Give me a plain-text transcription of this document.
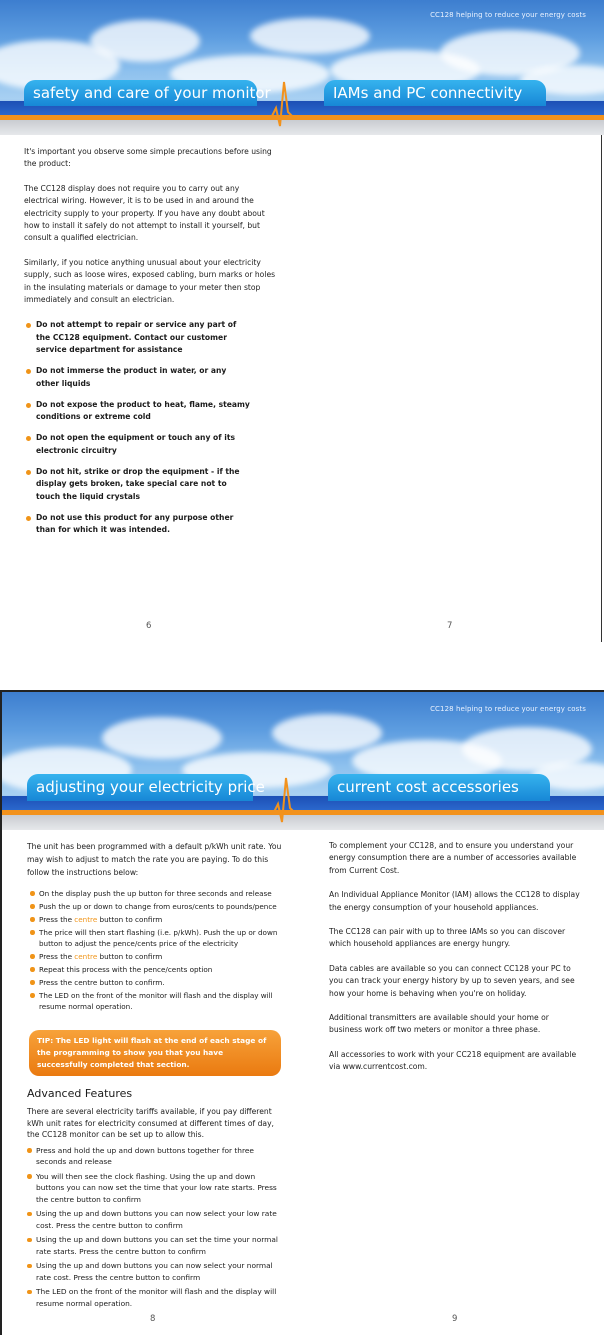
CC128 helping to reduce your energy costs
safety and care of your monitor	IAMs and PC connectivity

It's important you observe some simple precautions before using the product:

The CC128 display does not require you to carry out any electrical wiring. However, it is to be used in and around the electricity supply to your property. If you have any doubt about how to install it safely do not attempt to install it yourself, but consult a qualified electrician.

Similarly, if you notice anything unusual about your electricity supply, such as loose wires, exposed cabling, burn marks or holes in the insulating materials or damage to your meter then stop immediately and consult an electrician.

Do not attempt to repair or service any part of the CC128 equipment. Contact our customer service department for assistance
Do not immerse the product in water, or any other liquids
Do not expose the product to heat, flame, steamy conditions or extreme cold
Do not open the equipment or touch any of its electronic circuitry
Do not hit, strike or drop the equipment - if the display gets broken, take special care not to touch the liquid crystals
Do not use this product for any purpose other than for which it was intended.
6	7
CC128 helping to reduce your energy costs
adjusting your electricity price	current cost accessories

The unit has been programmed with a default p/kWh unit rate. You may wish to adjust to match the rate you are paying. To do this follow the instructions below:

On the display push the up button for three seconds and release
Push the up or down to change from euros/cents to pounds/pence
Press the centre button to confirm
The price will then start flashing (i.e. p/kWh). Push the up or down button to adjust the pence/cents price of the electricity
Press the centre button to confirm
Repeat this process with the pence/cents option
Press the centre button to confirm.
The LED on the front of the monitor will flash and the display will resume normal operation.
TIP: The LED light will flash at the end of each stage of the programming to show you that you have successfully completed that section.
Advanced Features

There are several electricity tariffs available, if you pay different kWh unit rates for electricity consumed at different times of day, the CC128 monitor can be set up to allow this.

Press and hold the up and down buttons together for three seconds and release
You will then see the clock flashing. Using the up and down buttons you can now set the time that your low rate starts. Press the centre button to confirm
Using the up and down buttons you can now select your low rate cost. Press the centre button to confirm
Using the up and down buttons you can set the time your normal rate starts. Press the centre button to confirm
Using the up and down buttons you can now select your normal rate cost. Press the centre button to confirm
The LED on the front of the monitor will flash and the display will resume normal operation.

To complement your CC128, and to ensure you understand your energy consumption there are a number of accessories available from Current Cost.

An Individual Appliance Monitor (IAM) allows the CC128 to display the energy consumption of your household appliances.

The CC128 can pair with up to three IAMs so you can discover which household appliances are energy hungry.

Data cables are available so you can connect CC128 your PC to you can track your energy history by up to seven years, and see how your home is behaving when you're on holiday.

Additional transmitters are available should your home or business work off two meters or monitor a three phase.

All accessories to work with your CC218 equipment are available via www.currentcost.com.

8	9
